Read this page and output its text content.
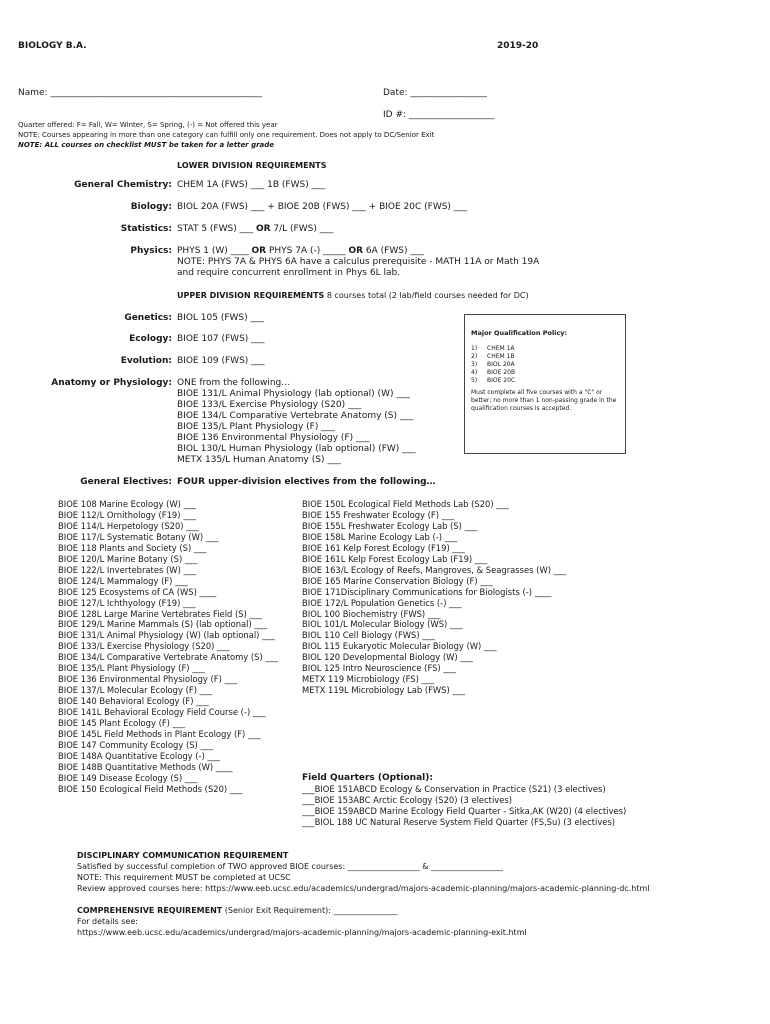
BIOLOGY B.A.	2019-20
Name: _______________________________________________	Date: _________________
ID #: ___________________
Quarter offered: F= Fall, W= Winter, S= Spring, (-) = Not offered this year
NOTE: Courses appearing in more than one category can fulfill only one requirement. Does not apply to DC/Senior Exit
NOTE: ALL courses on checklist MUST be taken for a letter grade
LOWER DIVISION REQUIREMENTS
General Chemistry: CHEM 1A (FWS) ___ 1B (FWS) ___
Biology: BIOL 20A (FWS) ___ + BIOE 20B (FWS) ___ + BIOE 20C (FWS) ___
Statistics: STAT 5 (FWS) ___ OR 7/L (FWS) ___
Physics: PHYS 1 (W) ____ OR PHYS 7A (-) _____ OR 6A (FWS) ___
NOTE: PHYS 7A & PHYS 6A have a calculus prerequisite - MATH 11A or Math 19A
and require concurrent enrollment in Phys 6L lab.
UPPER DIVISION REQUIREMENTS 8 courses total (2 lab/field courses needed for DC)
Genetics: BIOL 105 (FWS) ___
Ecology: BIOE 107 (FWS) ___
Evolution: BIOE 109 (FWS) ___
Anatomy or Physiology: ONE from the following…
BIOE 131/L Animal Physiology (lab optional) (W) ___
BIOE 133/L Exercise Physiology (S20) ___
BIOE 134/L Comparative Vertebrate Anatomy (S) ___
BIOE 135/L Plant Physiology (F) ___
BIOE 136 Environmental Physiology (F) ___
BIOL 130/L Human Physiology (lab optional) (FW) ___
METX 135/L Human Anatomy (S) ___
Major Qualification Policy:
1)	CHEM 1A
2)	CHEM 1B
3)	BIOL 20A
4)	BIOE 20B
5)	BIOE 20C
Must complete all five courses with a "C" or better; no more than 1 non-passing grade in the qualification courses is accepted.
General Electives: FOUR upper-division electives from the following…
BIOE 108 Marine Ecology (W) ___
BIOE 112/L Ornithology (F19) ___
BIOE 114/L Herpetology (S20) ___
BIOE 117/L Systematic Botany (W) ___
BIOE 118 Plants and Society (S) ___
BIOE 120/L Marine Botany (S) ___
BIOE 122/L Invertebrates (W) ___
BIOE 124/L Mammalogy (F) ___
BIOE 125 Ecosystems of CA (WS) ____
BIOE 127/L Ichthyology (F19) ___
BIOE 128L Large Marine Vertebrates Field (S) ___
BIOE 129/L Marine Mammals (S) (lab optional) ___
BIOE 131/L Animal Physiology (W) (lab optional) ___
BIOE 133/L Exercise Physiology (S20) ___
BIOE 134/L Comparative Vertebrate Anatomy (S) ___
BIOE 135/L Plant Physiology (F) ___
BIOE 136 Environmental Physiology (F) ___
BIOE 137/L Molecular Ecology (F) ___
BIOE 140 Behavioral Ecology (F) ___
BIOE 141L Behavioral Ecology Field Course (-) ___
BIOE 145 Plant Ecology (F) ___
BIOE 145L Field Methods in Plant Ecology (F) ___
BIOE 147 Community Ecology (S) ___
BIOE 148A Quantitative Ecology (-) ___
BIOE 148B Quantitative Methods (W) ____
BIOE 149 Disease Ecology (S) ___
BIOE 150 Ecological Field Methods (S20) ___
BIOE 150L Ecological Field Methods Lab (S20) ___
BIOE 155 Freshwater Ecology (F) ___
BIOE 155L Freshwater Ecology Lab (S) ___
BIOE 158L Marine Ecology Lab (-) ___
BIOE 161 Kelp Forest Ecology (F19) ___
BIOE 161L Kelp Forest Ecology Lab (F19) ___
BIOE 163/L Ecology of Reefs, Mangroves, & Seagrasses (W) ___
BIOE 165 Marine Conservation Biology (F) ___
BIOE 171Disciplinary Communications for Biologists (-) ____
BIOE 172/L Population Genetics (-) ___
BIOL 100 Biochemistry (FWS) ___
BIOL 101/L Molecular Biology (WS) ___
BIOL 110 Cell Biology (FWS) ___
BIOL 115 Eukaryotic Molecular Biology (W) ___
BIOL 120 Developmental Biology (W) ___
BIOL 125 Intro Neuroscience (FS) ___
METX 119 Microbiology (FS) ___
METX 119L Microbiology Lab (FWS) ___
Field Quarters (Optional):
___BIOE 151ABCD Ecology & Conservation in Practice (S21) (3 electives)
___BIOE 153ABC Arctic Ecology (S20) (3 electives)
___BIOE 159ABCD Marine Ecology Field Quarter - Sitka,AK (W20) (4 electives)
___BIOL 188 UC Natural Reserve System Field Quarter (FS,Su) (3 electives)
DISCIPLINARY COMMUNICATION REQUIREMENT
Satisfied by successful completion of TWO approved BIOE courses: __________________ & __________________
NOTE: This requirement MUST be completed at UCSC
Review approved courses here: https://www.eeb.ucsc.edu/academics/undergrad/majors-academic-planning/majors-academic-planning-dc.html
COMPREHENSIVE REQUIREMENT (Senior Exit Requirement): ________________
For details see:
https://www.eeb.ucsc.edu/academics/undergrad/majors-academic-planning/majors-academic-planning-exit.html
